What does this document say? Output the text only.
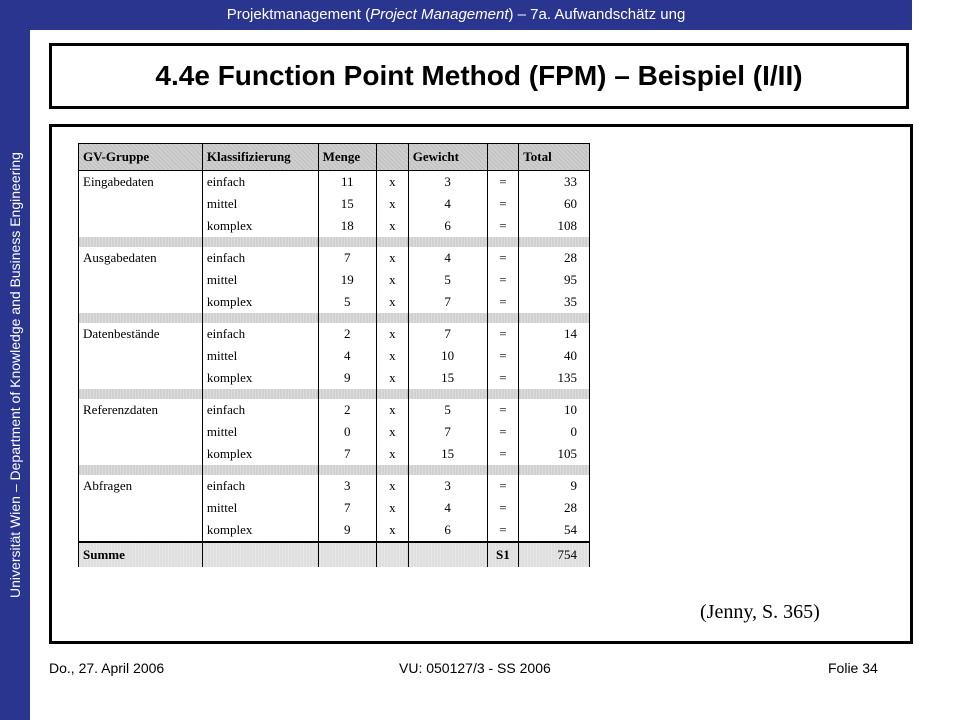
Projektmanagement (Project Management) – 7a. Aufwandschätz ung
Universität Wien – Department of Knowledge and Business Engineering
4.4e Function Point Method (FPM) – Beispiel (I/II)
GV-Gruppe	Klassifizierung	Menge		Gewicht		Total
Eingabedaten	einfach	11	x	3	=	33
	mittel	15	x	4	=	60
	komplex	18	x	6	=	108

Ausgabedaten	einfach	7	x	4	=	28
	mittel	19	x	5	=	95
	komplex	5	x	7	=	35

Datenbestände	einfach	2	x	7	=	14
	mittel	4	x	10	=	40
	komplex	9	x	15	=	135

Referenzdaten	einfach	2	x	5	=	10
	mittel	0	x	7	=	0
	komplex	7	x	15	=	105

Abfragen	einfach	3	x	3	=	9
	mittel	7	x	4	=	28
	komplex	9	x	6	=	54
Summe					S1	754
(Jenny, S. 365)
Do., 27. April 2006	VU: 050127/3 - SS 2006	Folie 34
